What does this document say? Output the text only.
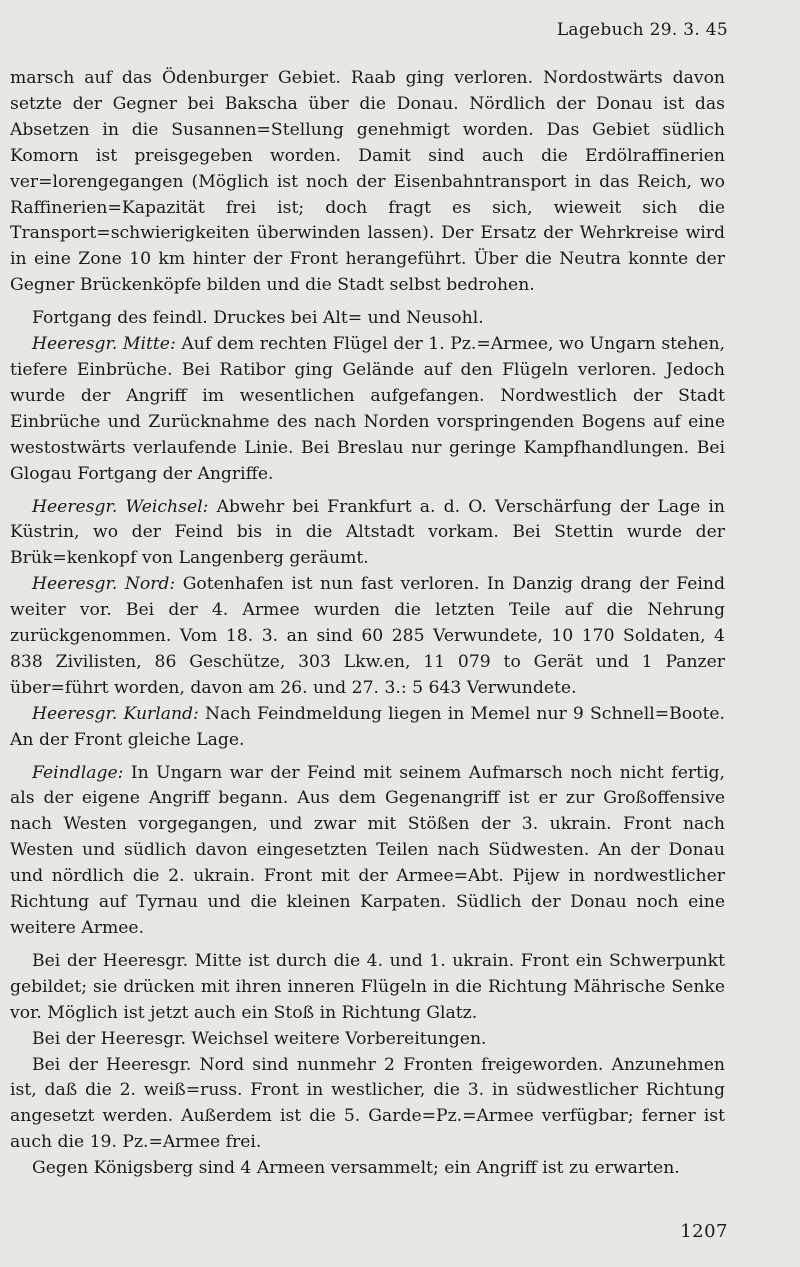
Lagebuch 29. 3. 45

marsch auf das Ödenburger Gebiet. Raab ging verloren. Nordostwärts davon setzte der Gegner bei Bakscha über die Donau. Nördlich der Donau ist das Absetzen in die Susannen=Stellung genehmigt worden. Das Gebiet südlich Komorn ist preisgegeben worden. Damit sind auch die Erdölraffinerien ver=lorengegangen (Möglich ist noch der Eisenbahntransport in das Reich, wo Raffinerien=Kapazität frei ist; doch fragt es sich, wieweit sich die Transport=schwierigkeiten überwinden lassen). Der Ersatz der Wehrkreise wird in eine Zone 10 km hinter der Front herangeführt. Über die Neutra konnte der Gegner Brückenköpfe bilden und die Stadt selbst bedrohen.

Fortgang des feindl. Druckes bei Alt= und Neusohl.

Heeresgr. Mitte: Auf dem rechten Flügel der 1. Pz.=Armee, wo Ungarn stehen, tiefere Einbrüche. Bei Ratibor ging Gelände auf den Flügeln verloren. Jedoch wurde der Angriff im wesentlichen aufgefangen. Nordwestlich der Stadt Einbrüche und Zurücknahme des nach Norden vorspringenden Bogens auf eine westostwärts verlaufende Linie. Bei Breslau nur geringe Kampfhandlungen. Bei Glogau Fortgang der Angriffe.

Heeresgr. Weichsel: Abwehr bei Frankfurt a. d. O. Verschärfung der Lage in Küstrin, wo der Feind bis in die Altstadt vorkam. Bei Stettin wurde der Brük=kenkopf von Langenberg geräumt.

Heeresgr. Nord: Gotenhafen ist nun fast verloren. In Danzig drang der Feind weiter vor. Bei der 4. Armee wurden die letzten Teile auf die Nehrung zurückgenommen. Vom 18. 3. an sind 60 285 Verwundete, 10 170 Soldaten, 4 838 Zivilisten, 86 Geschütze, 303 Lkw.en, 11 079 to Gerät und 1 Panzer über=führt worden, davon am 26. und 27. 3.: 5 643 Verwundete.

Heeresgr. Kurland: Nach Feindmeldung liegen in Memel nur 9 Schnell=Boote. An der Front gleiche Lage.

Feindlage: In Ungarn war der Feind mit seinem Aufmarsch noch nicht fertig, als der eigene Angriff begann. Aus dem Gegenangriff ist er zur Großoffensive nach Westen vorgegangen, und zwar mit Stößen der 3. ukrain. Front nach Westen und südlich davon eingesetzten Teilen nach Südwesten. An der Donau und nördlich die 2. ukrain. Front mit der Armee=Abt. Pijew in nordwestlicher Richtung auf Tyrnau und die kleinen Karpaten. Südlich der Donau noch eine weitere Armee.

Bei der Heeresgr. Mitte ist durch die 4. und 1. ukrain. Front ein Schwerpunkt gebildet; sie drücken mit ihren inneren Flügeln in die Richtung Mährische Senke vor. Möglich ist jetzt auch ein Stoß in Richtung Glatz.

Bei der Heeresgr. Weichsel weitere Vorbereitungen.

Bei der Heeresgr. Nord sind nunmehr 2 Fronten freigeworden. Anzunehmen ist, daß die 2. weiß=russ. Front in westlicher, die 3. in südwestlicher Richtung angesetzt werden. Außerdem ist die 5. Garde=Pz.=Armee verfügbar; ferner ist auch die 19. Pz.=Armee frei.

Gegen Königsberg sind 4 Armeen versammelt; ein Angriff ist zu erwarten.

1207
